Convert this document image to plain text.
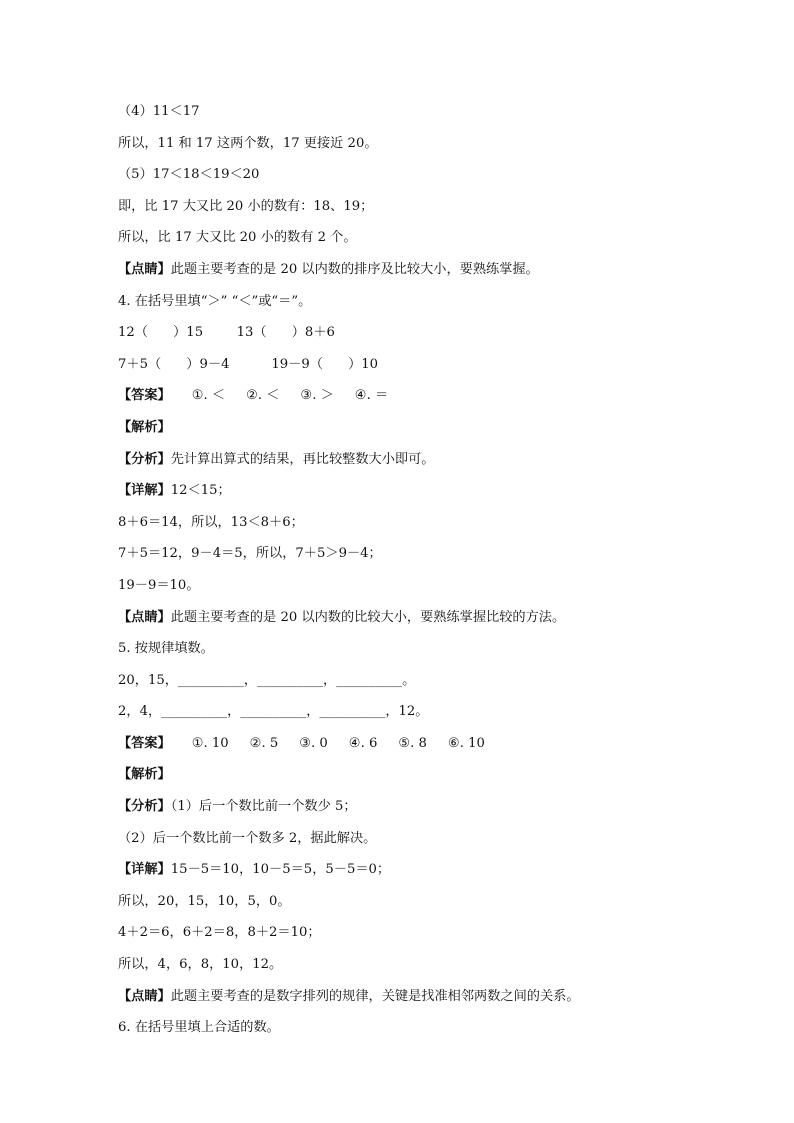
（4）11＜17
所以，11 和 17 这两个数，17 更接近 20。
（5）17＜18＜19＜20
即，比 17 大又比 20 小的数有：18、19；
所以，比 17 大又比 20 小的数有 2 个。
【点睛】此题主要考查的是 20 以内数的排序及比较大小，要熟练掌握。
4. 在括号里填“＞” “＜”或“＝”。
12（      ）15        13（      ）8＋6
7＋5（      ）9－4          19－9（      ）10
【答案】     ①. ＜     ②. ＜     ③. ＞     ④. ＝
【解析】
【分析】先计算出算式的结果，再比较整数大小即可。
【详解】12＜15；
8＋6＝14，所以，13＜8＋6；
7＋5＝12，9－4＝5，所以，7＋5＞9－4；
19－9＝10。
【点睛】此题主要考查的是 20 以内数的比较大小，要熟练掌握比较的方法。
5. 按规律填数。
20，15，__________，__________，__________。
2，4，__________，__________，__________，12。
【答案】     ①. 10     ②. 5     ③. 0     ④. 6     ⑤. 8     ⑥. 10
【解析】
【分析】（1）后一个数比前一个数少 5；
（2）后一个数比前一个数多 2，据此解决。
【详解】15－5＝10，10－5＝5，5－5＝0；
所以，20，15，10，5，0。
4＋2＝6，6＋2＝8，8＋2＝10；
所以，4，6，8，10，12。
【点睛】此题主要考查的是数字排列的规律，关键是找准相邻两数之间的关系。
6. 在括号里填上合适的数。
